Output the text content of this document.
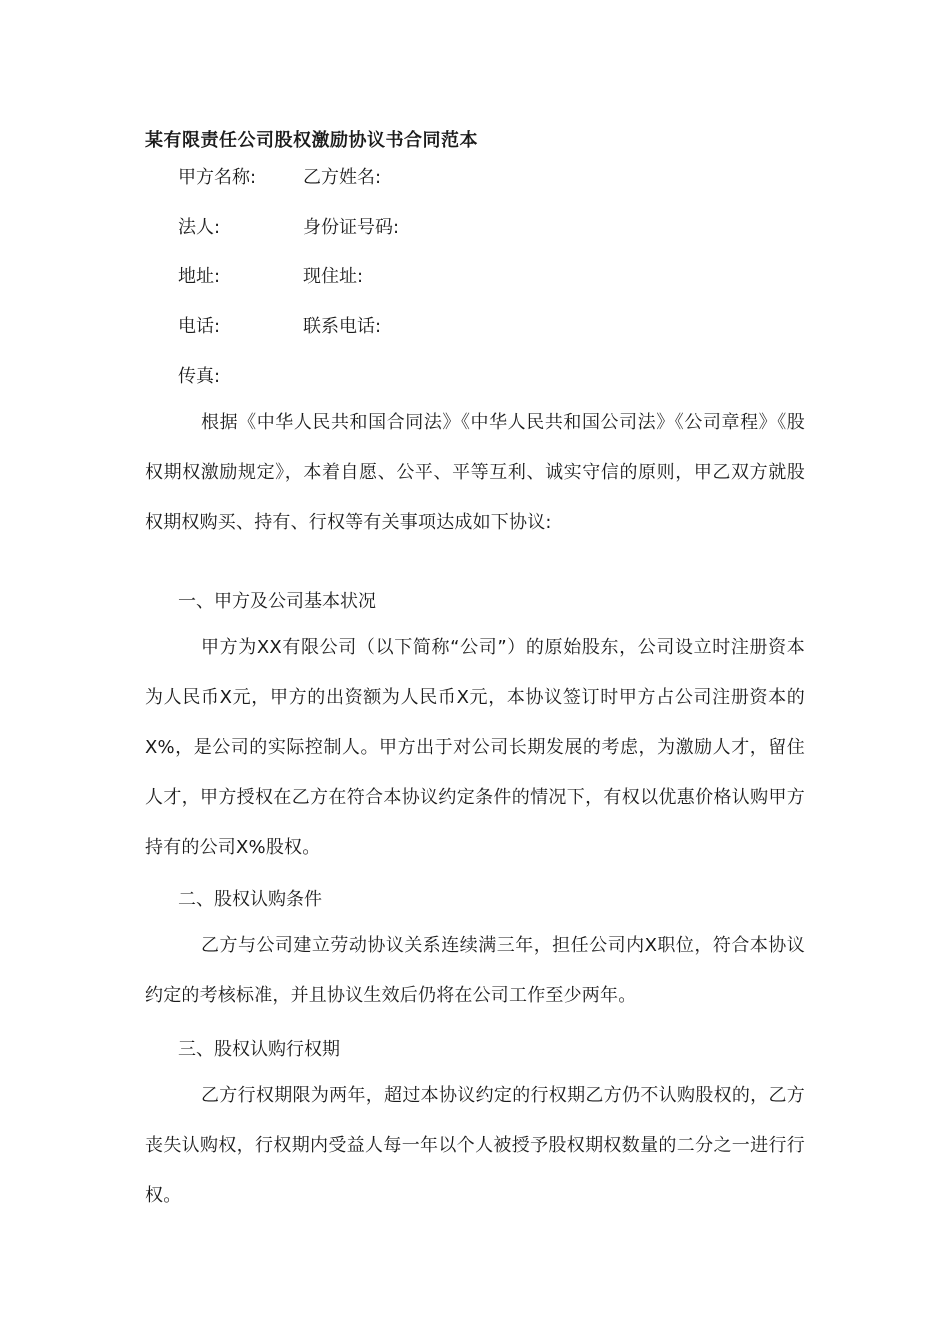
某有限责任公司股权激励协议书合同范本
甲方名称:	乙方姓名:
法人:	身份证号码:
地址:	现住址:
电话:	联系电话:
传真:

根据《中华人民共和国合同法》《中华人民共和国公司法》《公司章程》《股权期权激励规定》，本着自愿、公平、平等互利、诚实守信的原则，甲乙双方就股权期权购买、持有、行权等有关事项达成如下协议:

一、甲方及公司基本状况

甲方为XX有限公司（以下简称“公司”）的原始股东，公司设立时注册资本为人民币X元，甲方的出资额为人民币X元，本协议签订时甲方占公司注册资本的X%，是公司的实际控制人。甲方出于对公司长期发展的考虑，为激励人才，留住人才，甲方授权在乙方在符合本协议约定条件的情况下，有权以优惠价格认购甲方持有的公司X%股权。

二、股权认购条件

乙方与公司建立劳动协议关系连续满三年，担任公司内X职位，符合本协议约定的考核标准，并且协议生效后仍将在公司工作至少两年。

三、股权认购行权期

乙方行权期限为两年，超过本协议约定的行权期乙方仍不认购股权的，乙方丧失认购权，行权期内受益人每一年以个人被授予股权期权数量的二分之一进行行权。
